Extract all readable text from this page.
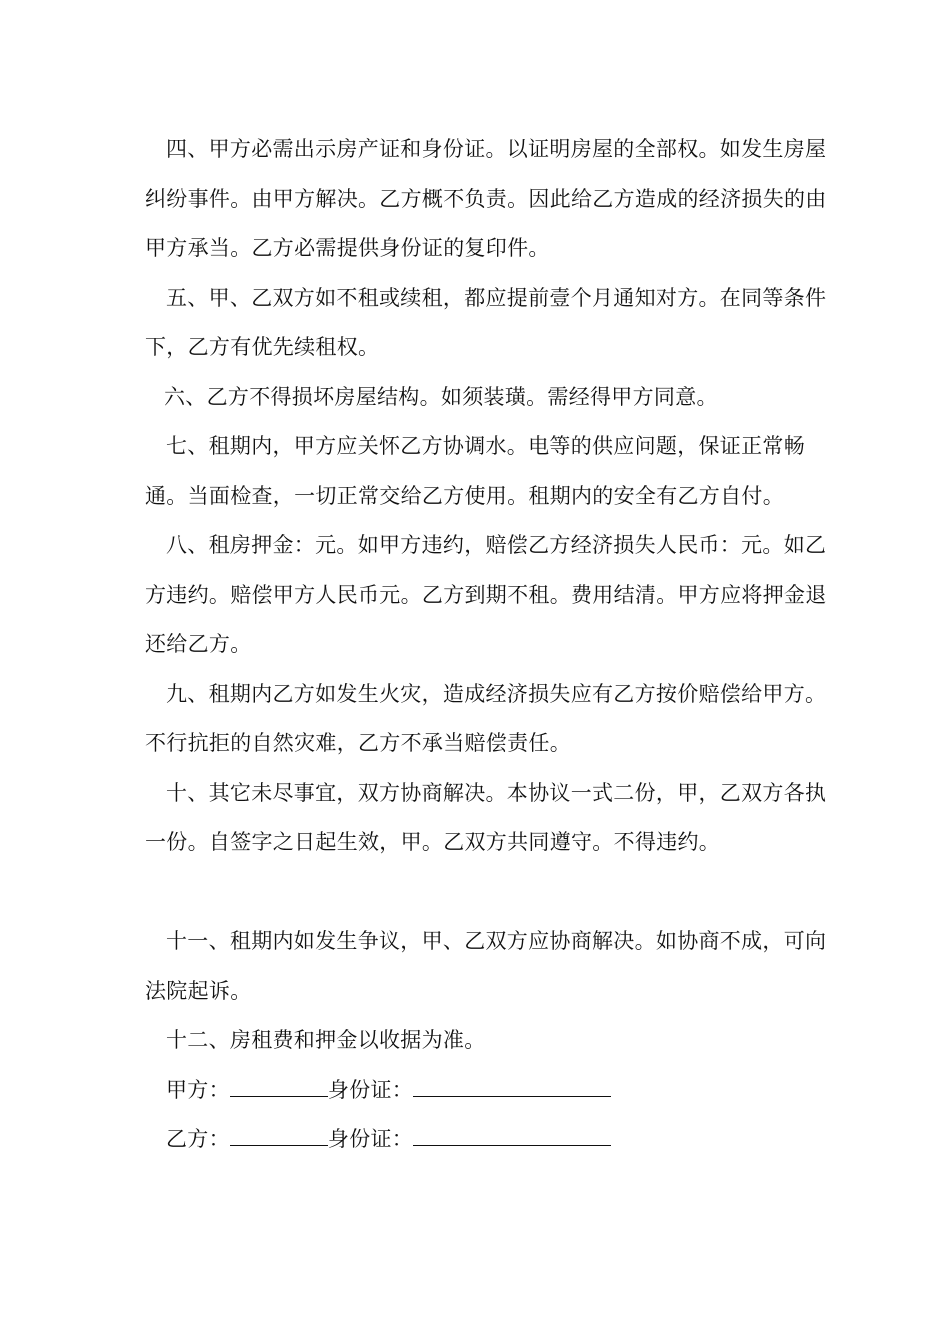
四、甲方必需出示房产证和身份证。以证明房屋的全部权。如发生房屋纠纷事件。由甲方解决。乙方概不负责。因此给乙方造成的经济损失的由甲方承当。乙方必需提供身份证的复印件。

五、甲、乙双方如不租或续租，都应提前壹个月通知对方。在同等条件下，乙方有优先续租权。

六、乙方不得损坏房屋结构。如须装璜。需经得甲方同意。

七、租期内，甲方应关怀乙方协调水。电等的供应问题，保证正常畅通。当面检查，一切正常交给乙方使用。租期内的安全有乙方自付。

八、租房押金：元。如甲方违约，赔偿乙方经济损失人民币：元。如乙方违约。赔偿甲方人民币元。乙方到期不租。费用结清。甲方应将押金退还给乙方。

九、租期内乙方如发生火灾，造成经济损失应有乙方按价赔偿给甲方。不行抗拒的自然灾难，乙方不承当赔偿责任。

十、其它未尽事宜，双方协商解决。本协议一式二份，甲，乙双方各执一份。自签字之日起生效，甲。乙双方共同遵守。不得违约。

十一、租期内如发生争议，甲、乙双方应协商解决。如协商不成，可向法院起诉。

十二、房租费和押金以收据为准。

甲方：	身份证：

乙方：	身份证：
